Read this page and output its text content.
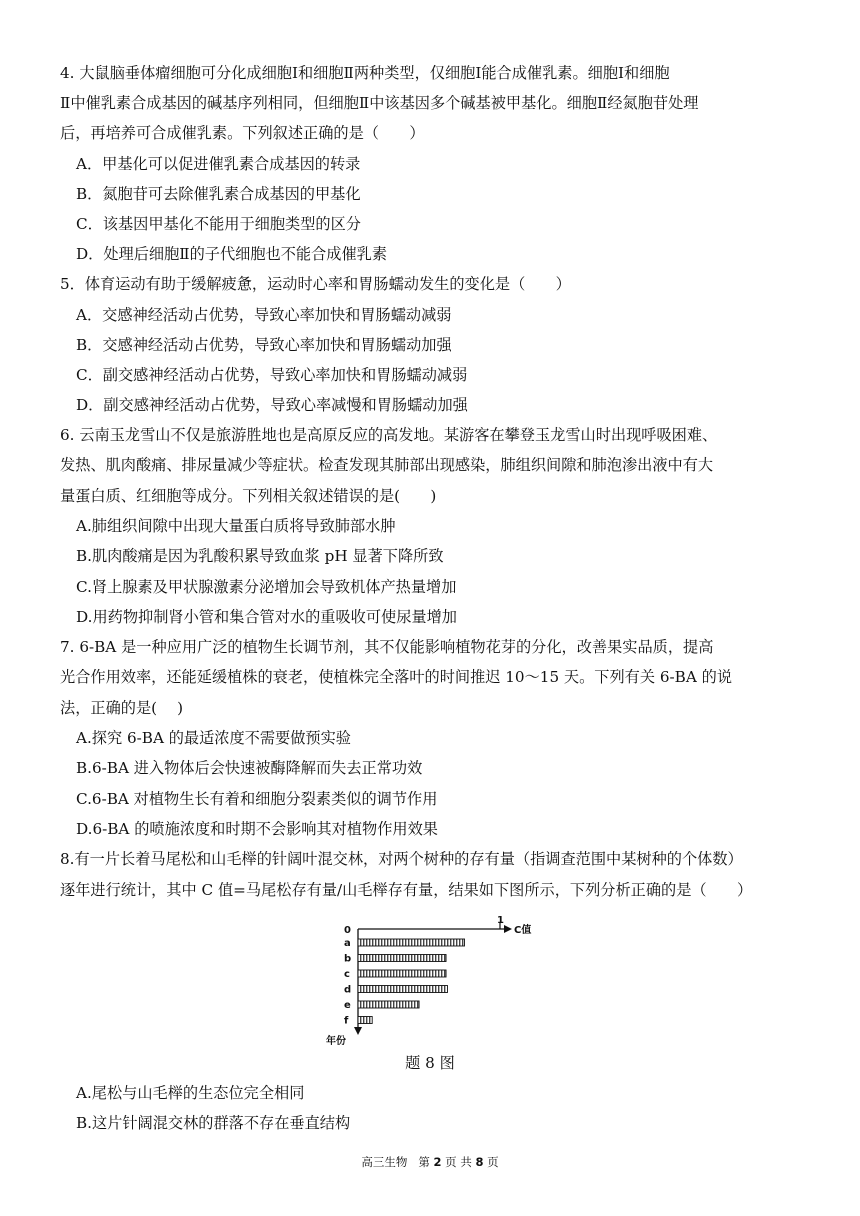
4. 大鼠脑垂体瘤细胞可分化成细胞Ⅰ和细胞Ⅱ两种类型，仅细胞Ⅰ能合成催乳素。细胞Ⅰ和细胞
Ⅱ中催乳素合成基因的碱基序列相同，但细胞Ⅱ中该基因多个碱基被甲基化。细胞Ⅱ经氮胞苷处理
后，再培养可合成催乳素。下列叙述正确的是（　　）
A．甲基化可以促进催乳素合成基因的转录
B．氮胞苷可去除催乳素合成基因的甲基化
C．该基因甲基化不能用于细胞类型的区分
D．处理后细胞Ⅱ的子代细胞也不能合成催乳素
5．体育运动有助于缓解疲惫，运动时心率和胃肠蠕动发生的变化是（　　）
A．交感神经活动占优势，导致心率加快和胃肠蠕动减弱
B．交感神经活动占优势，导致心率加快和胃肠蠕动加强
C．副交感神经活动占优势，导致心率加快和胃肠蠕动减弱
D．副交感神经活动占优势，导致心率减慢和胃肠蠕动加强
6. 云南玉龙雪山不仅是旅游胜地也是高原反应的高发地。某游客在攀登玉龙雪山时出现呼吸困难、
发热、肌肉酸痛、排尿量减少等症状。检查发现其肺部出现感染，肺组织间隙和肺泡渗出液中有大
量蛋白质、红细胞等成分。下列相关叙述错误的是(　　)
A.肺组织间隙中出现大量蛋白质将导致肺部水肿
B.肌肉酸痛是因为乳酸积累导致血浆 pH 显著下降所致
C.肾上腺素及甲状腺激素分泌增加会导致机体产热量增加
D.用药物抑制肾小管和集合管对水的重吸收可使尿量增加
7. 6-BA 是一种应用广泛的植物生长调节剂，其不仅能影响植物花芽的分化，改善果实品质，提高
光合作用效率，还能延缓植株的衰老，使植株完全落叶的时间推迟 10～15 天。下列有关 6-BA 的说
法，正确的是(　 )
A.探究 6-BA 的最适浓度不需要做预实验
B.6-BA 进入物体后会快速被酶降解而失去正常功效
C.6-BA 对植物生长有着和细胞分裂素类似的调节作用
D.6-BA 的喷施浓度和时期不会影响其对植物作用效果
8.有一片长着马尾松和山毛榉的针阔叶混交林，对两个树种的存有量（指调查范围中某树种的个体数）
逐年进行统计，其中 C 值=马尾松存有量/山毛榉存有量，结果如下图所示，下列分析正确的是（　　）
0
1
C值
年份
a
b
c
d
e
f
题 8 图
A.尾松与山毛榉的生态位完全相同
B.这片针阔混交林的群落不存在垂直结构
高三生物 第 2 页 共 8 页
